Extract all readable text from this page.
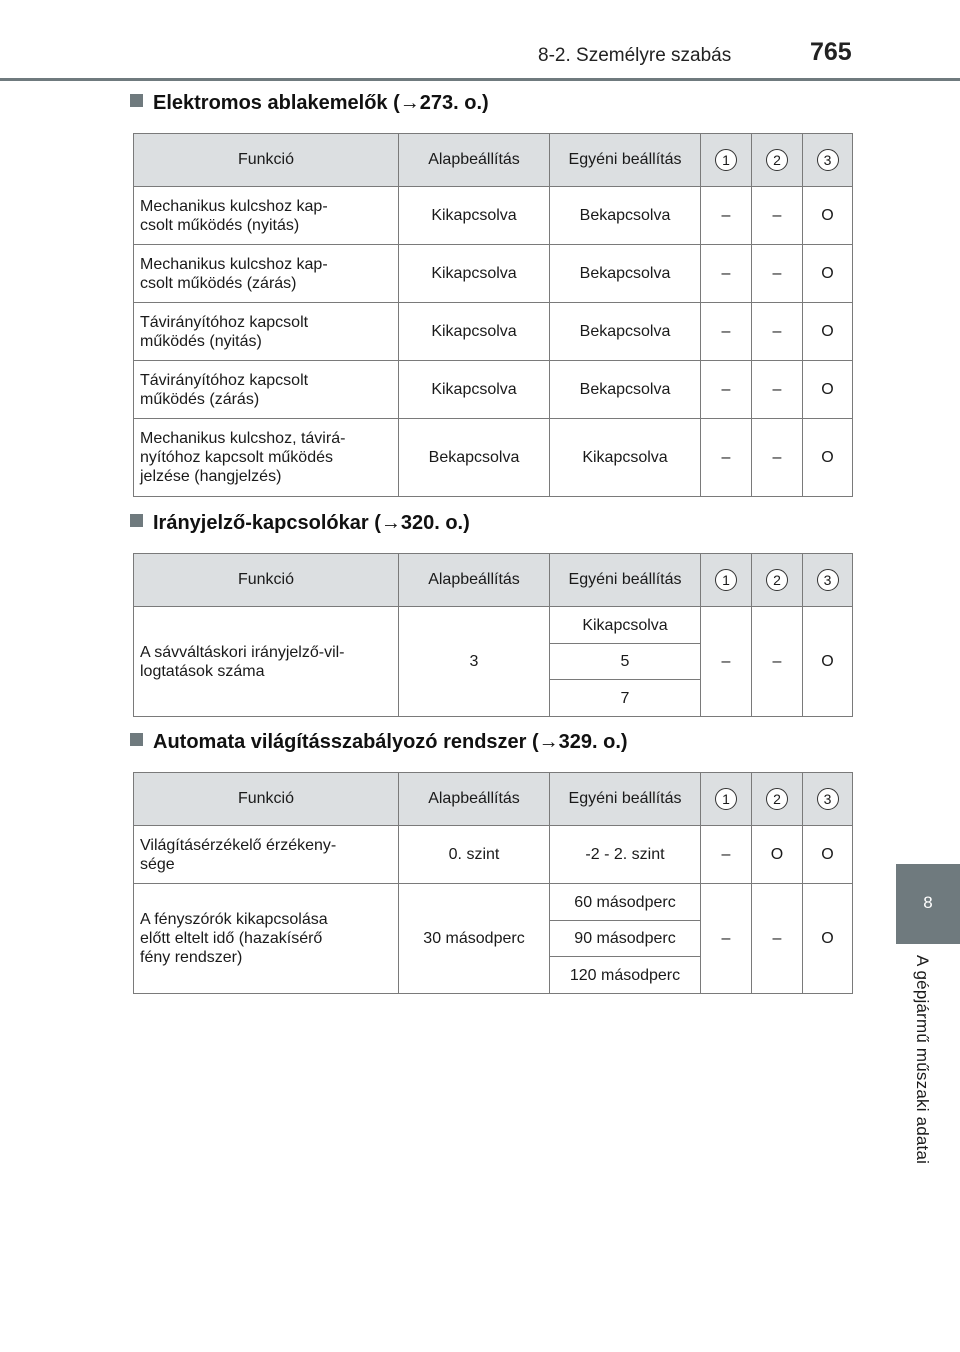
8-2. Személyre szabás	765
8
A gépjármű műszaki adatai
Elektromos ablakemelők (→273. o.)
Funkció	Alapbeállítás	Egyéni beállítás	1	2	3
Mechanikus kulcshoz kap-
csolt működés (nyitás)	Kikapcsolva	Bekapcsolva	–	–	O
Mechanikus kulcshoz kap-
csolt működés (zárás)	Kikapcsolva	Bekapcsolva	–	–	O
Távirányítóhoz kapcsolt
működés (nyitás)	Kikapcsolva	Bekapcsolva	–	–	O
Távirányítóhoz kapcsolt
működés (zárás)	Kikapcsolva	Bekapcsolva	–	–	O
Mechanikus kulcshoz, távirá-
nyítóhoz kapcsolt működés
jelzése (hangjelzés)	Bekapcsolva	Kikapcsolva	–	–	O
Irányjelző-kapcsolókar (→320. o.)
Funkció	Alapbeállítás	Egyéni beállítás	1	2	3
A sávváltáskori irányjelző-vil-
logtatások száma	3	Kikapcsolva	–	–	O
		5			
		7			
Automata világításszabályozó rendszer (→329. o.)
Funkció	Alapbeállítás	Egyéni beállítás	1	2	3
Világításérzékelő érzékeny-
sége	0. szint	-2 - 2. szint	–	O	O
A fényszórók kikapcsolása
előtt eltelt idő (hazakísérő
fény rendszer)	30 másodperc	60 másodperc	–	–	O
		90 másodperc			
		120 másodperc			
